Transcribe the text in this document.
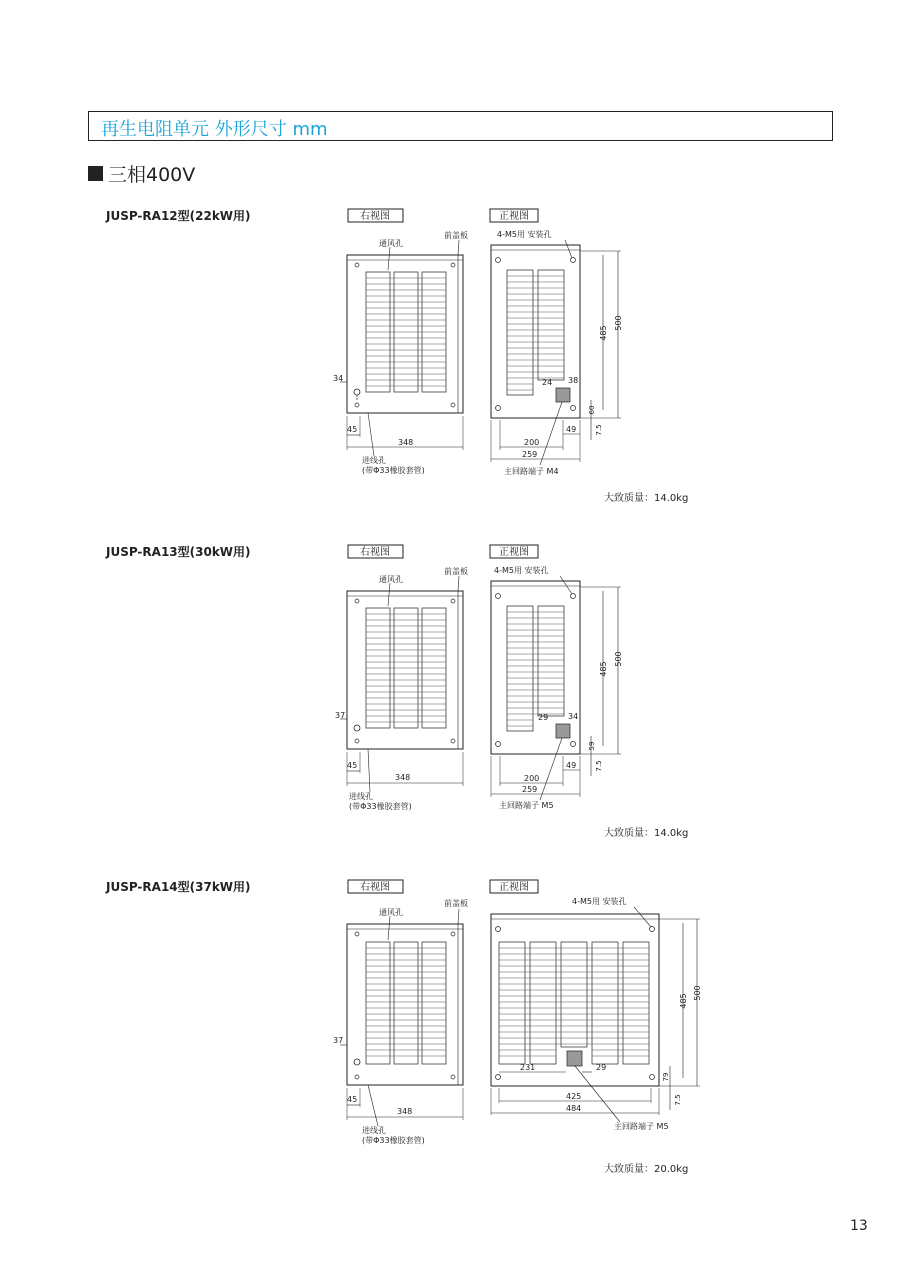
再生电阻单元 外形尺寸 mm
三相400V
JUSP-RA12型(22kW用)	右视图	正视图
通风孔
前盖板
34
45
348
进线孔
(带Φ33橡胶套管)
4-M5用 安装孔
485
500
24 38
60
7.5
49
200
259
主回路端子 M4
大致质量：14.0kg
JUSP-RA13型(30kW用)	右视图	正视图
通风孔
前盖板
37
45
348
进线孔
(带Φ33橡胶套管)
4-M5用 安装孔
485
500
29 34
59
7.5
49
200
259
主回路端子 M5
大致质量：14.0kg
JUSP-RA14型(37kW用)	右视图	正视图
通风孔
前盖板
37
45
348
进线孔
(带Φ33橡胶套管)
4-M5用 安装孔
485
500
231	29
79
7.5
425
484
主回路端子 M5
大致质量：20.0kg
13
